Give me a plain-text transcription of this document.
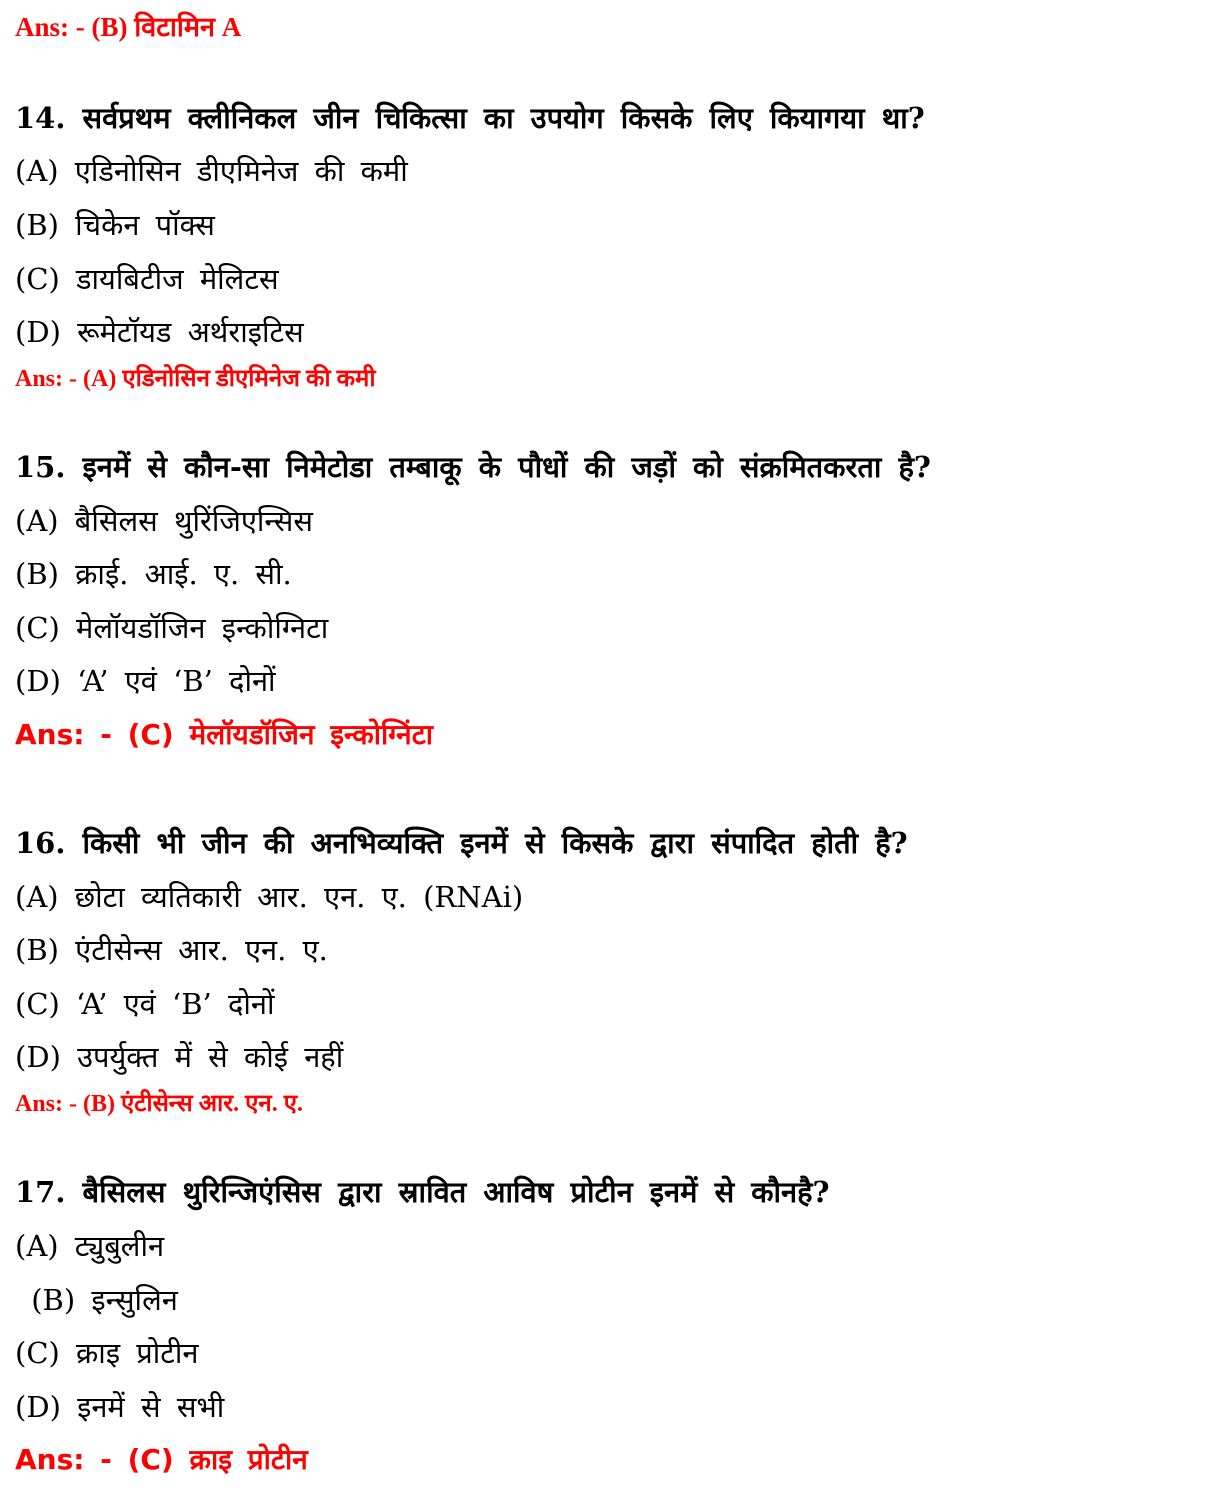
Ans: - (B) विटामिन A
14. सर्वप्रथम क्लीनिकल जीन चिकित्सा का उपयोग किसके लिए कियागया था?
(A) एडिनोसिन डीएमिनेज की कमी
(B) चिकेन पॉक्स
(C) डायबिटीज मेलिटस
(D) रूमेटॉयड अर्थराइटिस
Ans: - (A) एडिनोसिन डीएमिनेज की कमी
15. इनमें से कौन-सा निमेटोडा तम्बाकू के पौधों की जड़ों को संक्रमितकरता है?
(A) बैसिलस थुरिंजिएन्सिस
(B) क्राई. आई. ए. सी.
(C) मेलॉयडॉजिन इन्कोग्निटा
(D) ‘A’ एवं ‘B’ दोनों
Ans: - (C) मेलॉयडॉजिन इन्कोग्निंटा
16. किसी भी जीन की अनभिव्यक्ति इनमें से किसके द्वारा संपादित होती है?
(A) छोटा व्यतिकारी आर. एन. ए. (RNAi)
(B) एंटीसेन्स आर. एन. ए.
(C) ‘A’ एवं ‘B’ दोनों
(D) उपर्युक्त में से कोई नहीं
Ans: - (B) एंटीसेन्स आर. एन. ए.
17. बैसिलस थुरिन्जिएंसिस द्वारा स्रावित आविष प्रोटीन इनमें से कौनहै?
(A) ट्युबुलीन
(B) इन्सुलिन
(C) क्राइ प्रोटीन
(D) इनमें से सभी
Ans: - (C) क्राइ प्रोटीन
